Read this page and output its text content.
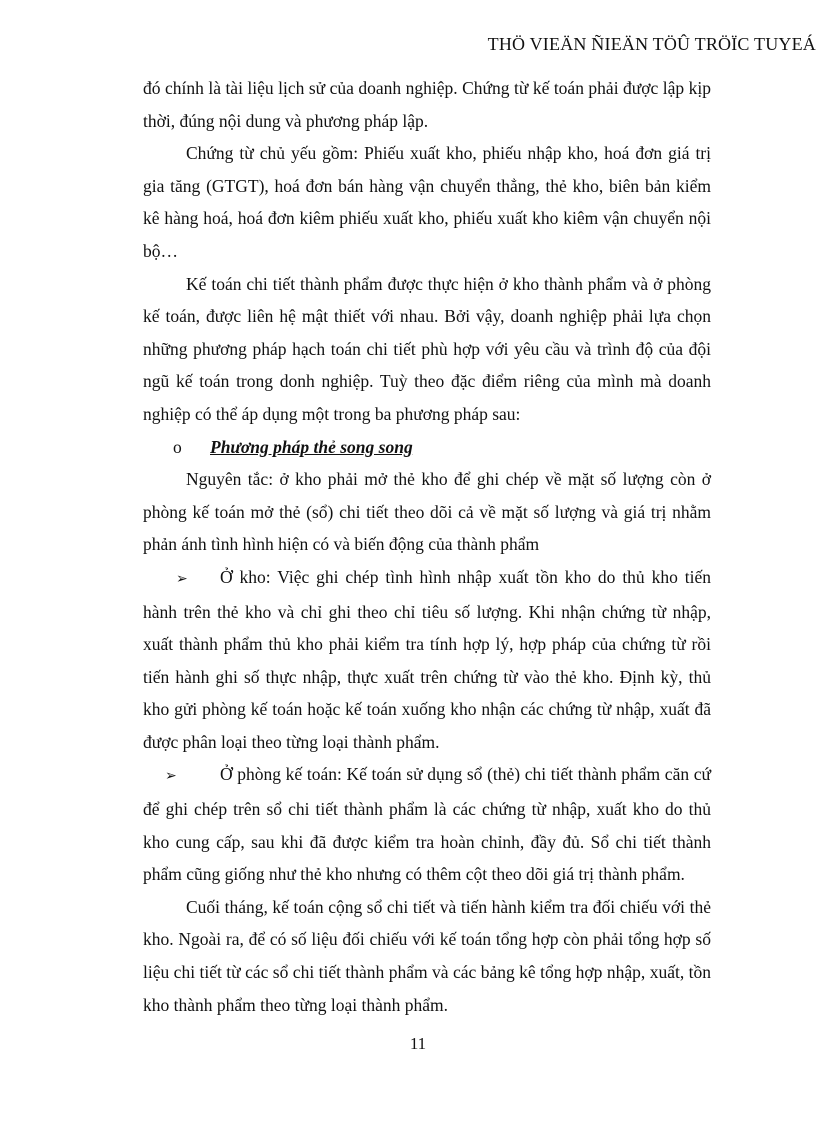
THÖ VIEÄN ÑIEÄN TÖÛ TRÖÏC TUYEÁ

đó chính là tài liệu lịch sử của doanh nghiệp. Chứng từ kế toán phải được lập kịp thời, đúng nội dung và phương pháp lập.

Chứng từ chủ yếu gồm: Phiếu xuất kho, phiếu nhập kho, hoá đơn giá trị gia tăng (GTGT), hoá đơn bán hàng vận chuyển thẳng, thẻ kho, biên bản kiểm kê hàng hoá, hoá đơn kiêm phiếu xuất kho, phiếu xuất kho kiêm vận chuyển nội bộ…

Kế toán chi tiết thành phẩm được thực hiện ở kho thành phẩm và ở phòng kế toán, được liên hệ mật thiết với nhau. Bởi vậy, doanh nghiệp phải lựa chọn những phương pháp hạch toán chi tiết phù hợp với yêu cầu và trình độ của đội ngũ kế toán trong donh nghiệp. Tuỳ theo đặc điểm riêng của mình mà doanh nghiệp có thể áp dụng một trong ba phương pháp sau:

o Phương pháp thẻ song song

Nguyên tắc: ở kho phải mở thẻ kho để ghi chép về mặt số lượng còn ở phòng kế toán mở thẻ (sổ) chi tiết theo dõi cả về mặt số lượng và giá trị nhằm phản ánh tình hình hiện có và biến động của thành phẩm

➢ Ở kho: Việc ghi chép tình hình nhập xuất tồn kho do thủ kho tiến hành trên thẻ kho và chỉ ghi theo chỉ tiêu số lượng. Khi nhận chứng từ nhập, xuất thành phẩm thủ kho phải kiểm tra tính hợp lý, hợp pháp của chứng từ rồi tiến hành ghi số thực nhập, thực xuất trên chứng từ vào thẻ kho. Định kỳ, thủ kho gửi phòng kế toán hoặc kế toán xuống kho nhận các chứng từ nhập, xuất đã được phân loại theo từng loại thành phẩm.

➢ Ở phòng kế toán: Kế toán sử dụng sổ (thẻ) chi tiết thành phẩm căn cứ để ghi chép trên sổ chi tiết thành phẩm là các chứng từ nhập, xuất kho do thủ kho cung cấp, sau khi đã được kiểm tra hoàn chỉnh, đầy đủ. Sổ chi tiết thành phẩm cũng giống như thẻ kho nhưng có thêm cột theo dõi giá trị thành phẩm.

Cuối tháng, kế toán cộng sổ chi tiết và tiến hành kiểm tra đối chiếu với thẻ kho. Ngoài ra, để có số liệu đối chiếu với kế toán tổng hợp còn phải tổng hợp số liệu chi tiết từ các sổ chi tiết thành phẩm và các bảng kê tổng hợp nhập, xuất, tồn kho thành phẩm theo từng loại thành phẩm.

11
